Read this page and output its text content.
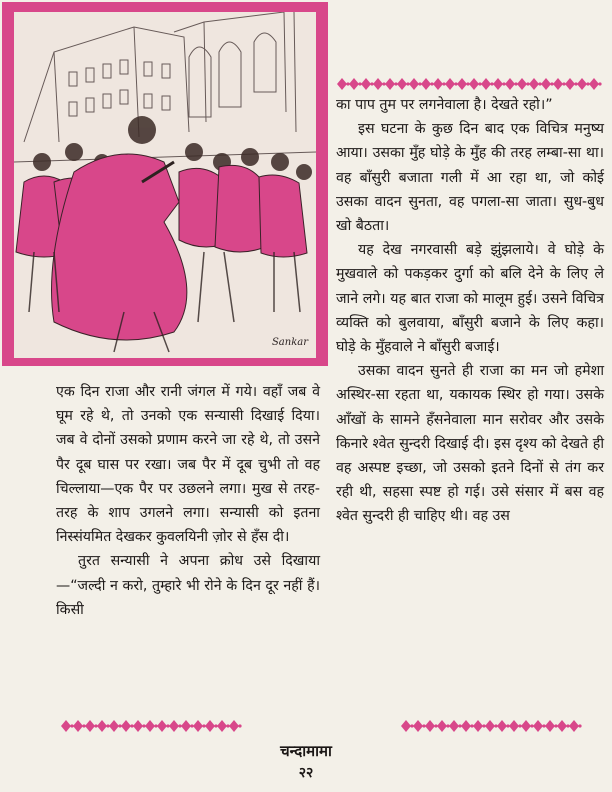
Sankar

का पाप तुम पर लगनेवाला है। देखते रहो।”

इस घटना के कुछ दिन बाद एक विचित्र मनुष्य आया। उसका मुँह घोड़े के मुँह की तरह लम्बा-सा था। वह बाँसुरी बजाता गली में आ रहा था, जो कोई उसका वादन सुनता, वह पगला-सा जाता। सुध-बुध खो बैठता।

यह देख नगरवासी बड़े झुंझलाये। वे घोड़े के मुखवाले को पकड़कर दुर्गा को बलि देने के लिए ले जाने लगे। यह बात राजा को मालूम हुई। उसने विचित्र व्यक्ति को बुलवाया, बाँसुरी बजाने के लिए कहा। घोड़े के मुँहवाले ने बाँसुरी बजाई।

उसका वादन सुनते ही राजा का मन जो हमेशा अस्थिर-सा रहता था, यकायक स्थिर हो गया। उसके आँखों के सामने हँसनेवाला मान सरोवर और उसके किनारे श्वेत सुन्दरी दिखाई दी। इस दृश्य को देखते ही वह अस्पष्ट इच्छा, जो उसको इतने दिनों से तंग कर रही थी, सहसा स्पष्ट हो गई। उसे संसार में बस वह श्वेत सुन्दरी ही चाहिए थी। वह उस

एक दिन राजा और रानी जंगल में गये। वहाँ जब वे घूम रहे थे, तो उनको एक सन्यासी दिखाई दिया। जब वे दोनों उसको प्रणाम करने जा रहे थे, तो उसने पैर दूब घास पर रखा। जब पैर में दूब चुभी तो वह चिल्लाया—एक पैर पर उछलने लगा। मुख से तरह-तरह के शाप उगलने लगा। सन्यासी को इतना निस्संयमित देखकर कुवलयिनी ज़ोर से हँस दी।

तुरत सन्यासी ने अपना क्रोध उसे दिखाया—“जल्दी न करो, तुम्हारे भी रोने के दिन दूर नहीं हैं। किसी

चन्दामामा
२२
